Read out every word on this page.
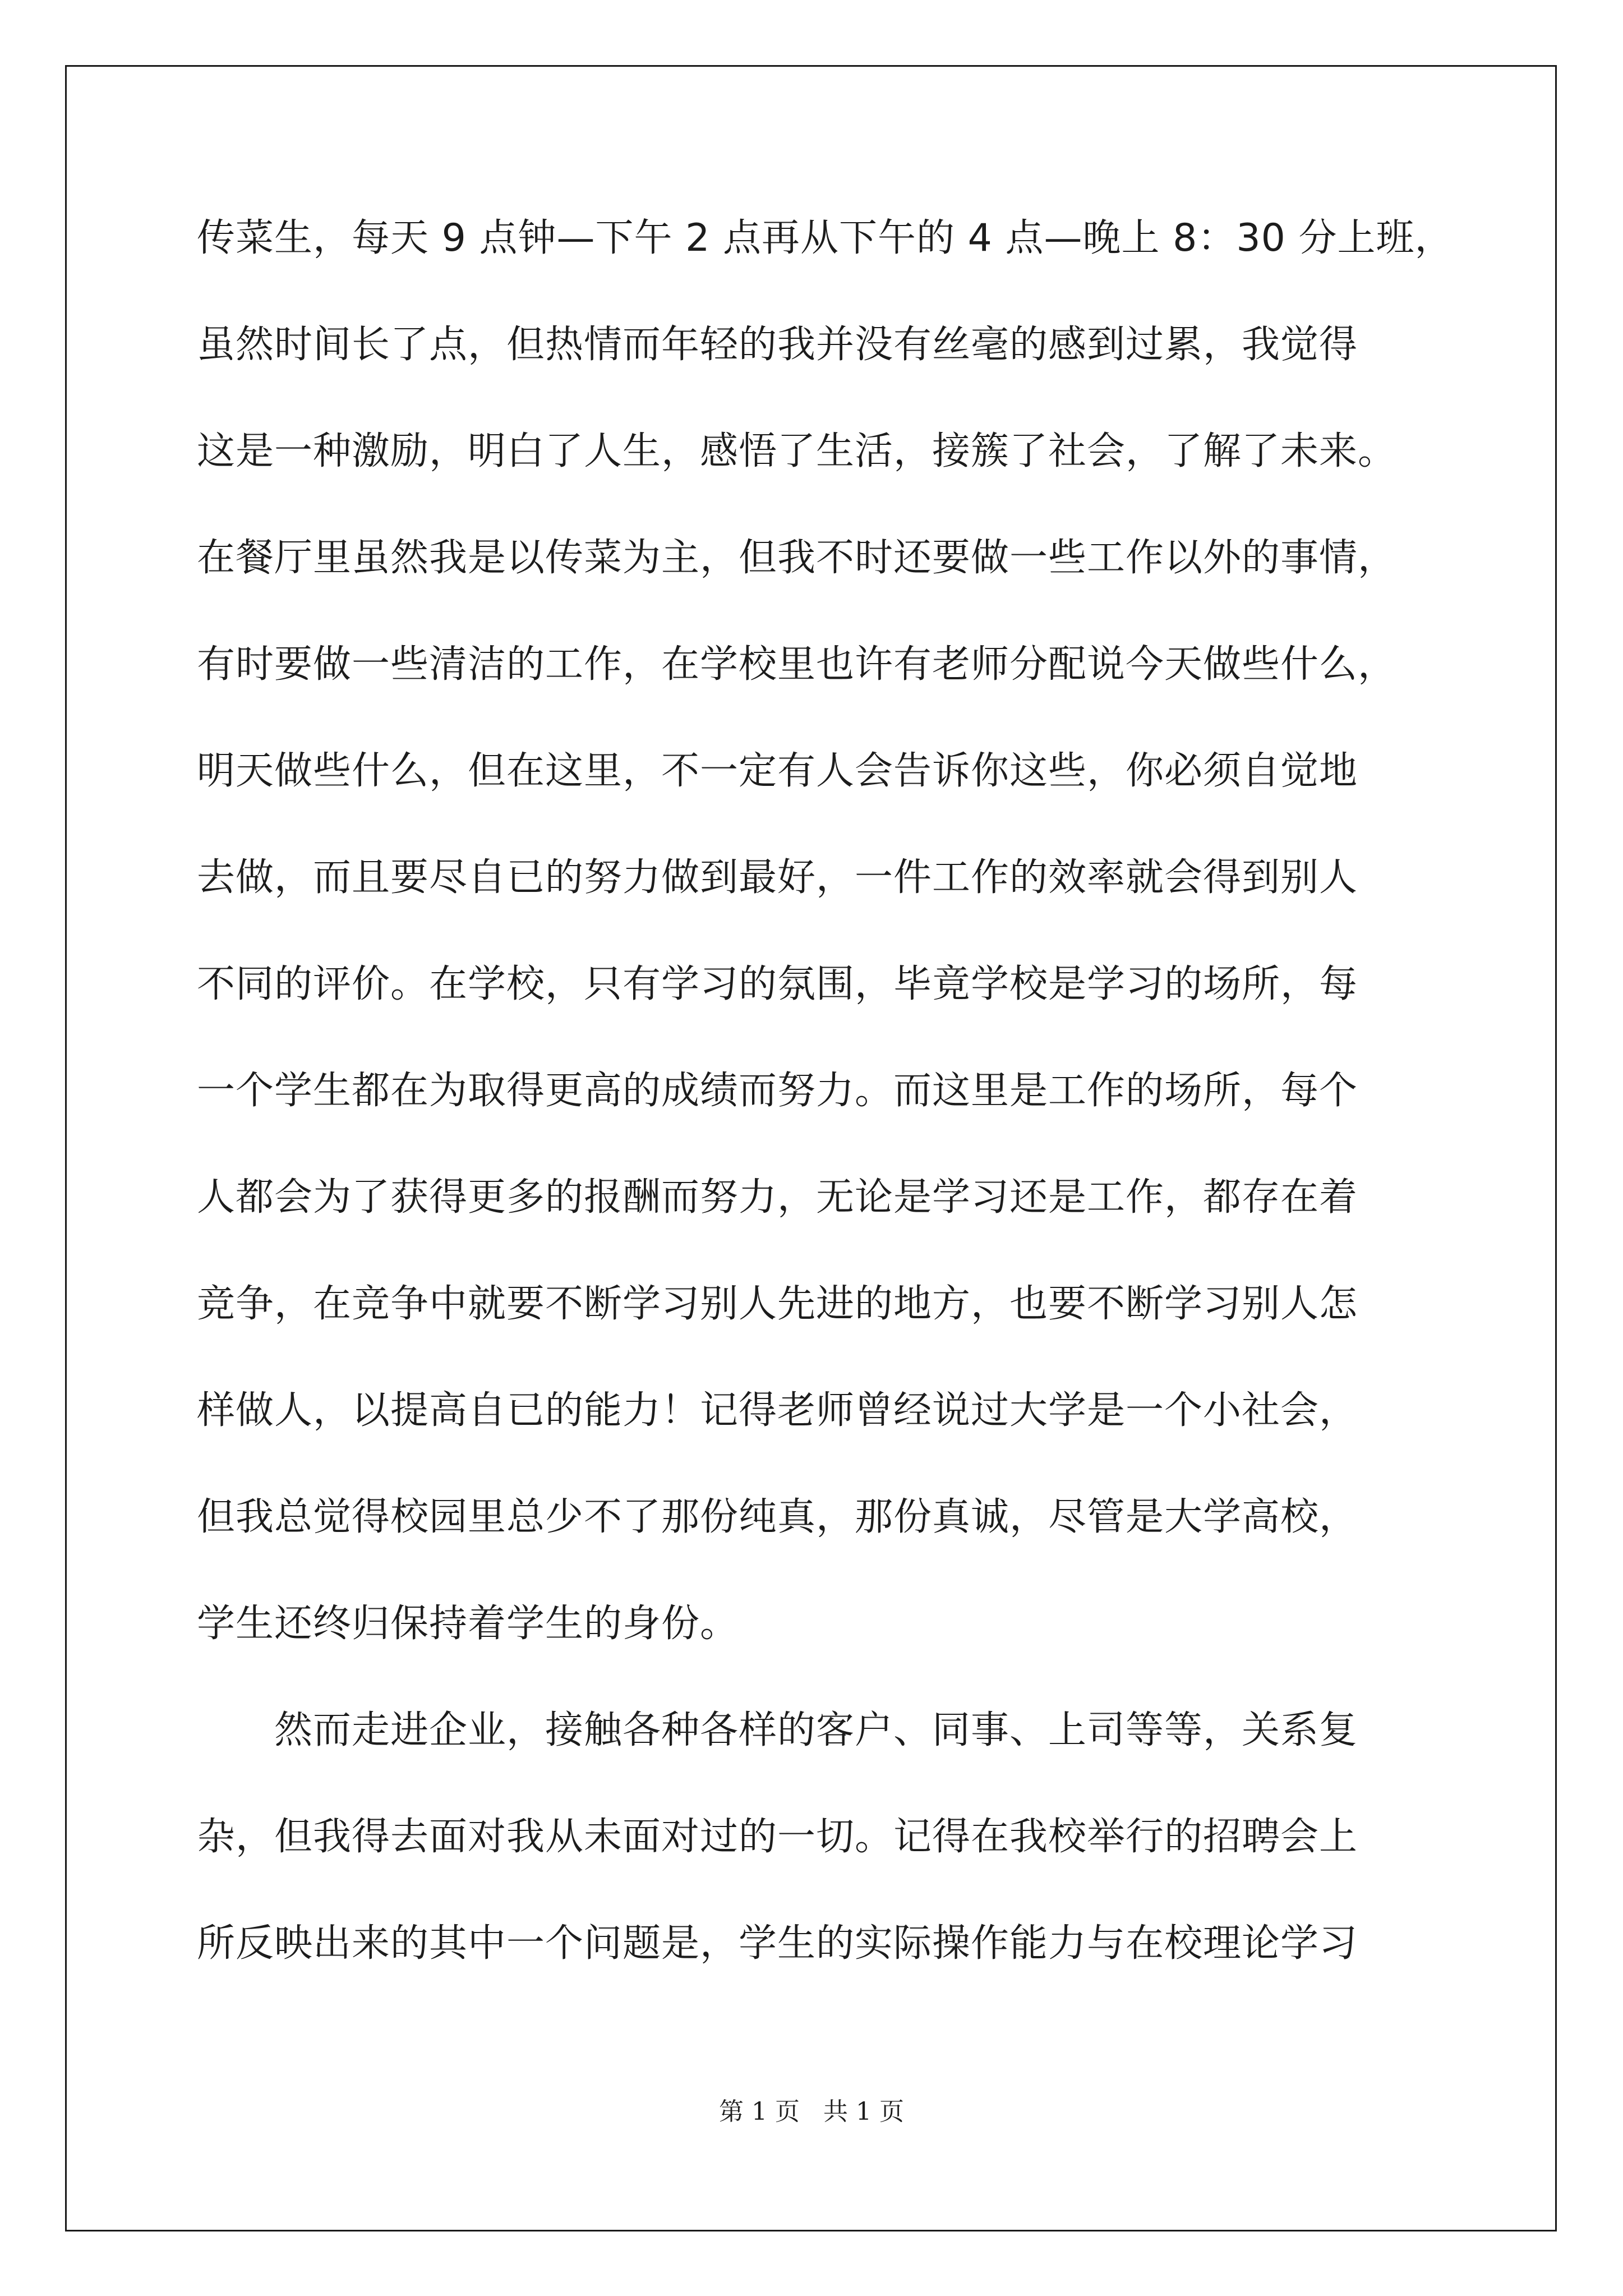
传菜生，每天 9 点钟—下午 2 点再从下午的 4 点—晚上 8：30 分上班，
虽然时间长了点，但热情而年轻的我并没有丝毫的感到过累，我觉得
这是一种激励，明白了人生，感悟了生活，接簇了社会，了解了未来。
在餐厅里虽然我是以传菜为主，但我不时还要做一些工作以外的事情，
有时要做一些清洁的工作，在学校里也许有老师分配说今天做些什么，
明天做些什么，但在这里，不一定有人会告诉你这些，你必须自觉地
去做，而且要尽自已的努力做到最好，一件工作的效率就会得到别人
不同的评价。在学校，只有学习的氛围，毕竟学校是学习的场所，每
一个学生都在为取得更高的成绩而努力。而这里是工作的场所，每个
人都会为了获得更多的报酬而努力，无论是学习还是工作，都存在着
竞争，在竞争中就要不断学习别人先进的地方，也要不断学习别人怎
样做人，以提高自已的能力！记得老师曾经说过大学是一个小社会，
但我总觉得校园里总少不了那份纯真，那份真诚，尽管是大学高校，
学生还终归保持着学生的身份。
　　然而走进企业，接触各种各样的客户、同事、上司等等，关系复
杂，但我得去面对我从未面对过的一切。记得在我校举行的招聘会上
所反映出来的其中一个问题是，学生的实际操作能力与在校理论学习
第 1 页   共 1 页
